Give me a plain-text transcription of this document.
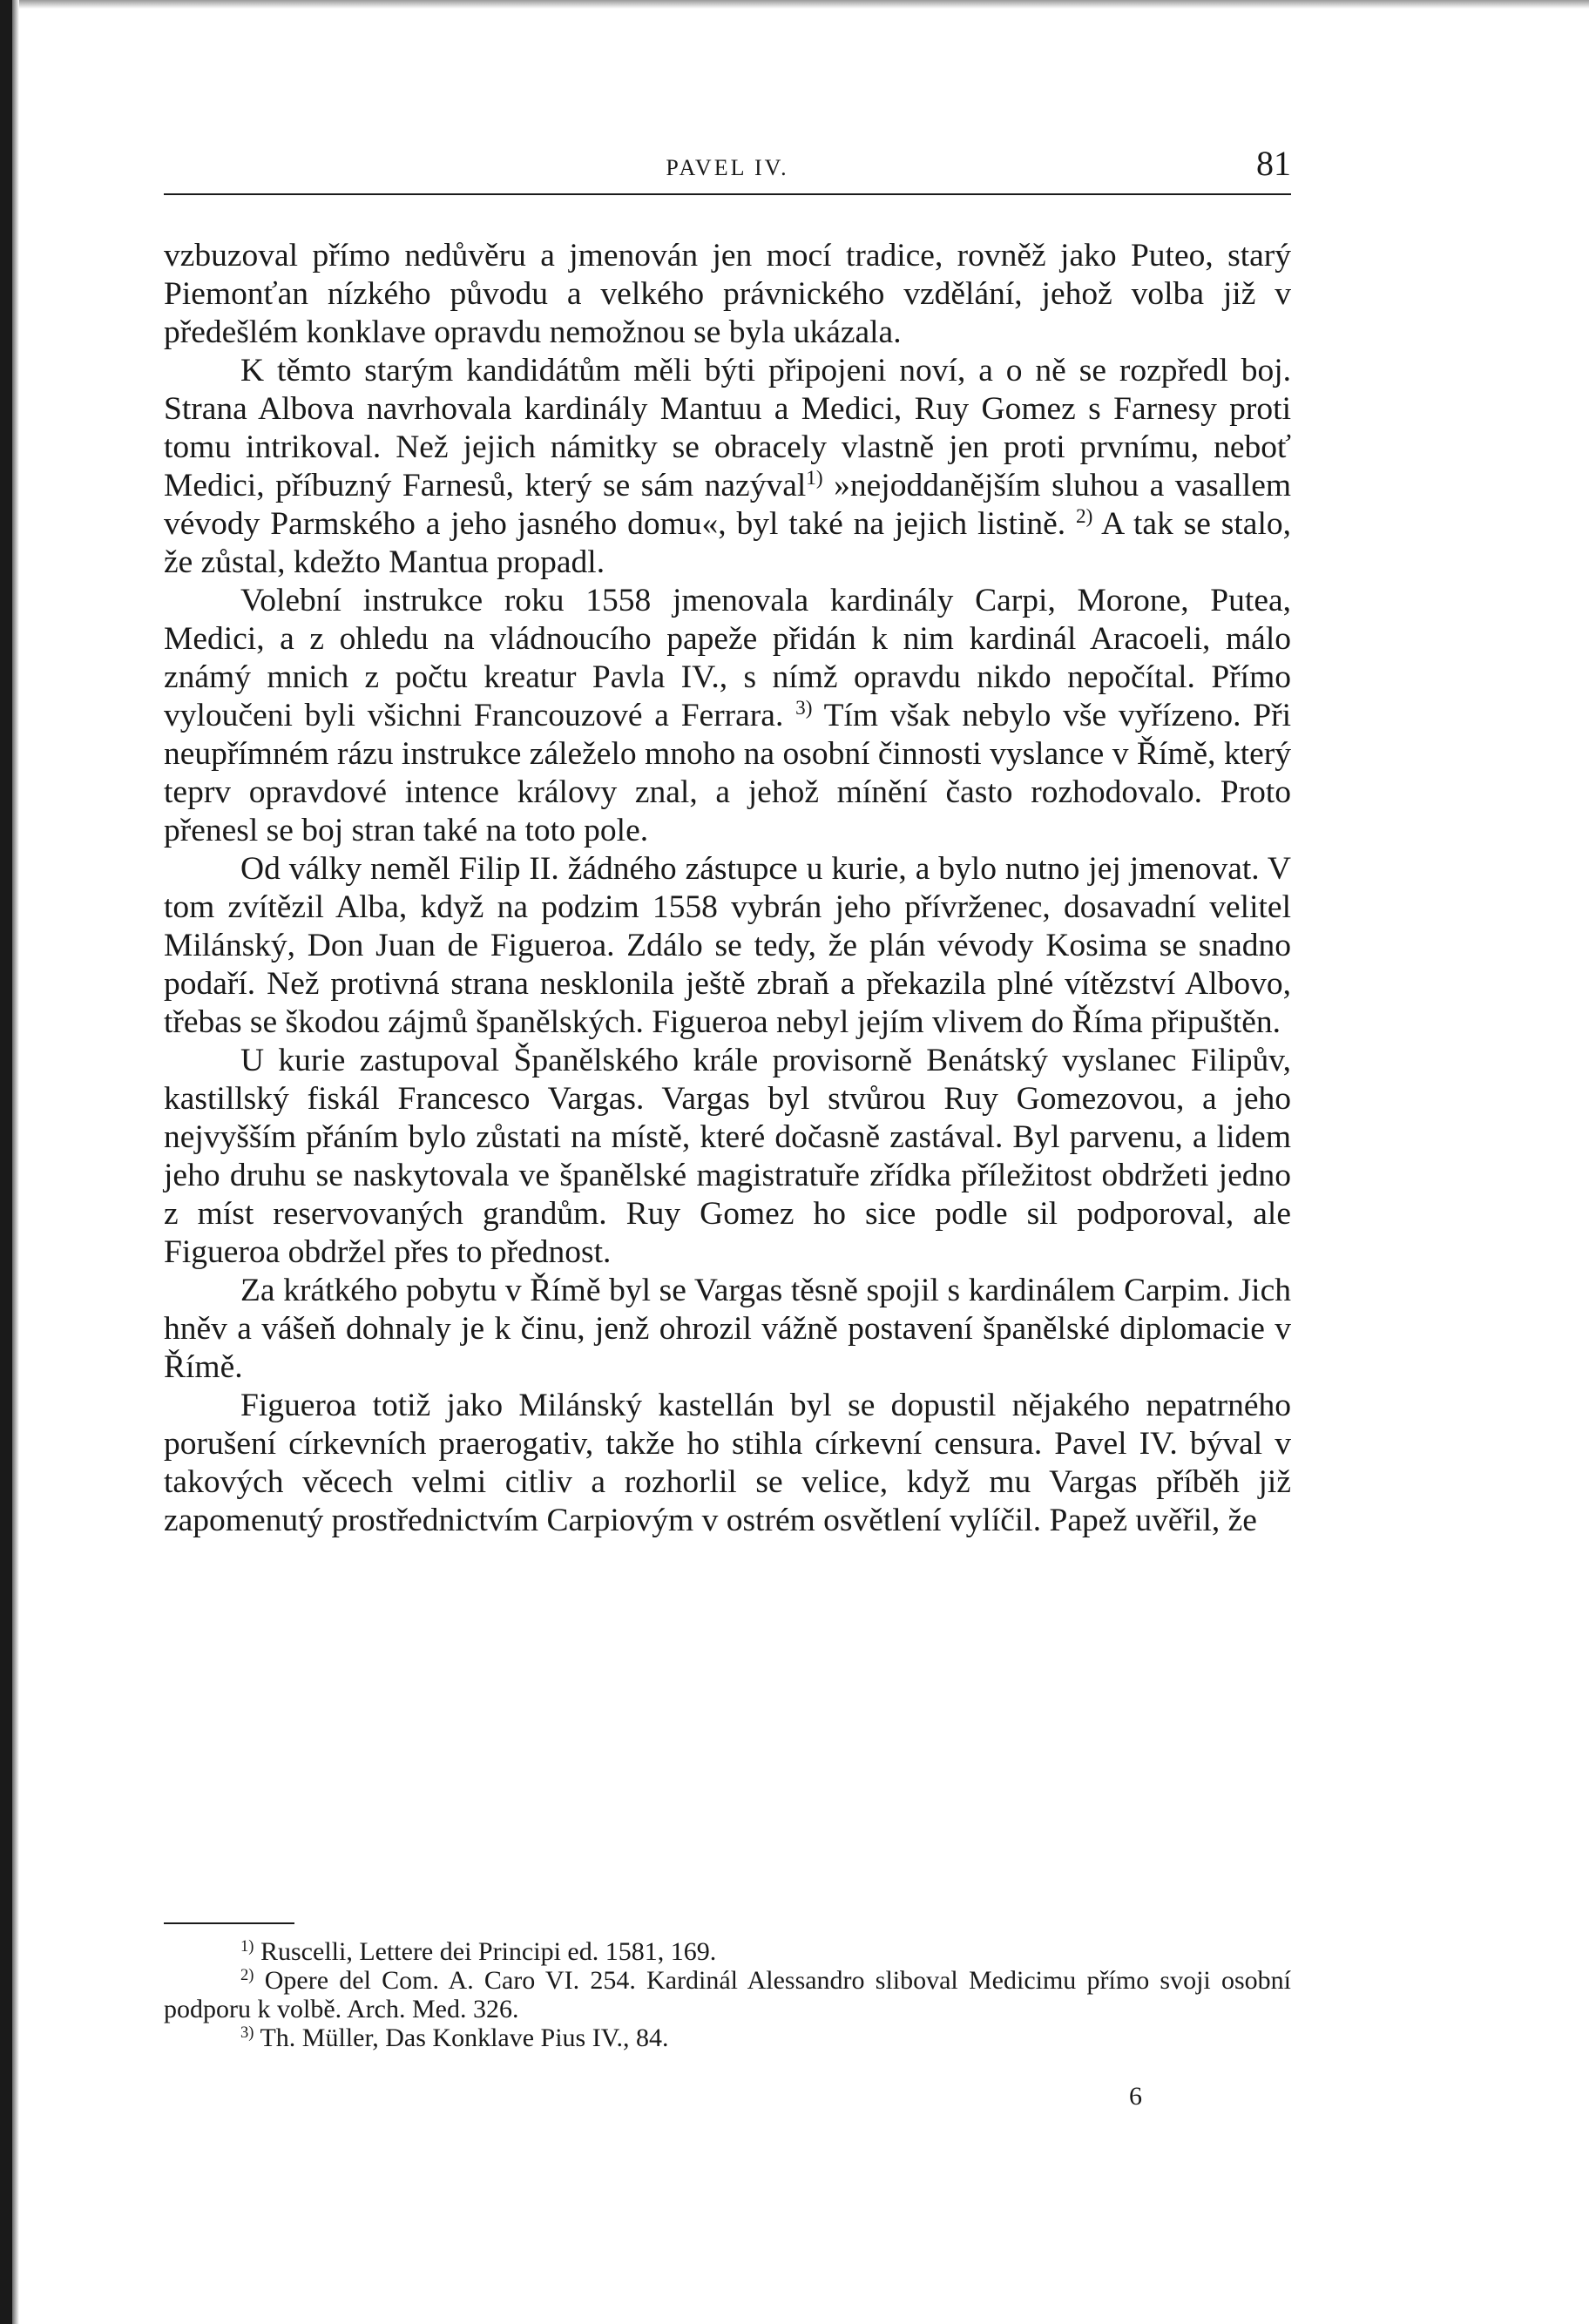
PAVEL IV.	81

vzbuzoval přímo nedůvěru a jmenován jen mocí tradice, rovněž jako Puteo, starý Piemonťan nízkého původu a velkého právnického vzdělání, jehož volba již v předešlém konklave opravdu nemožnou se byla ukázala.

K těmto starým kandidátům měli býti připojeni noví, a o ně se rozpředl boj. Strana Albova navrhovala kardinály Mantuu a Medici, Ruy Gomez s Farnesy proti tomu intrikoval. Než jejich námitky se obracely vlastně jen proti prvnímu, neboť Medici, příbuzný Farnesů, který se sám nazýval$^{1)}$ »nejoddanějším sluhou a vasallem vévody Parmského a jeho jasného domu«, byl také na jejich listině. $^{2)}$ A tak se stalo, že zůstal, kdežto Mantua propadl.

Volební instrukce roku 1558 jmenovala kardinály Carpi, Morone, Putea, Medici, a z ohledu na vládnoucího papeže přidán k nim kardinál Aracoeli, málo známý mnich z počtu kreatur Pavla IV., s nímž opravdu nikdo nepočítal. Přímo vyloučeni byli všichni Francouzové a Ferrara. $^{3)}$ Tím však nebylo vše vyřízeno. Při neupřímném rázu instrukce záleželo mnoho na osobní činnosti vyslance v Římě, který teprv opravdové intence královy znal, a jehož mínění často rozhodovalo. Proto přenesl se boj stran také na toto pole.

Od války neměl Filip II. žádného zástupce u kurie, a bylo nutno jej jmenovat. V tom zvítězil Alba, když na podzim 1558 vybrán jeho přívrženec, dosavadní velitel Milánský, Don Juan de Figueroa. Zdálo se tedy, že plán vévody Kosima se snadno podaří. Než protivná strana nesklonila ještě zbraň a překazila plné vítězství Albovo, třebas se škodou zájmů španělských. Figueroa nebyl jejím vlivem do Říma připuštěn.

U kurie zastupoval Španělského krále provisorně Benátský vyslanec Filipův, kastillský fiskál Francesco Vargas. Vargas byl stvůrou Ruy Gomezovou, a jeho nejvyšším přáním bylo zůstati na místě, které dočasně zastával. Byl parvenu, a lidem jeho druhu se naskytovala ve španělské magistratuře zřídka příležitost obdržeti jedno z míst reservovaných grandům. Ruy Gomez ho sice podle sil podporoval, ale Figueroa obdržel přes to přednost.

Za krátkého pobytu v Římě byl se Vargas těsně spojil s kardinálem Carpim. Jich hněv a vášeň dohnaly je k činu, jenž ohrozil vážně postavení španělské diplomacie v Římě.

Figueroa totiž jako Milánský kastellán byl se dopustil nějakého nepatrného porušení církevních praerogativ, takže ho stihla církevní censura. Pavel IV. býval v takových věcech velmi citliv a rozhorlil se velice, když mu Vargas příběh již zapomenutý prostřednictvím Carpiovým v ostrém osvětlení vylíčil. Papež uvěřil, že

$^{1)}$ Ruscelli, Lettere dei Principi ed. 1581, 169.

$^{2)}$ Opere del Com. A. Caro VI. 254. Kardinál Alessandro sliboval Medicimu přímo svoji osobní podporu k volbě. Arch. Med. 326.

$^{3)}$ Th. Müller, Das Konklave Pius IV., 84.

6
